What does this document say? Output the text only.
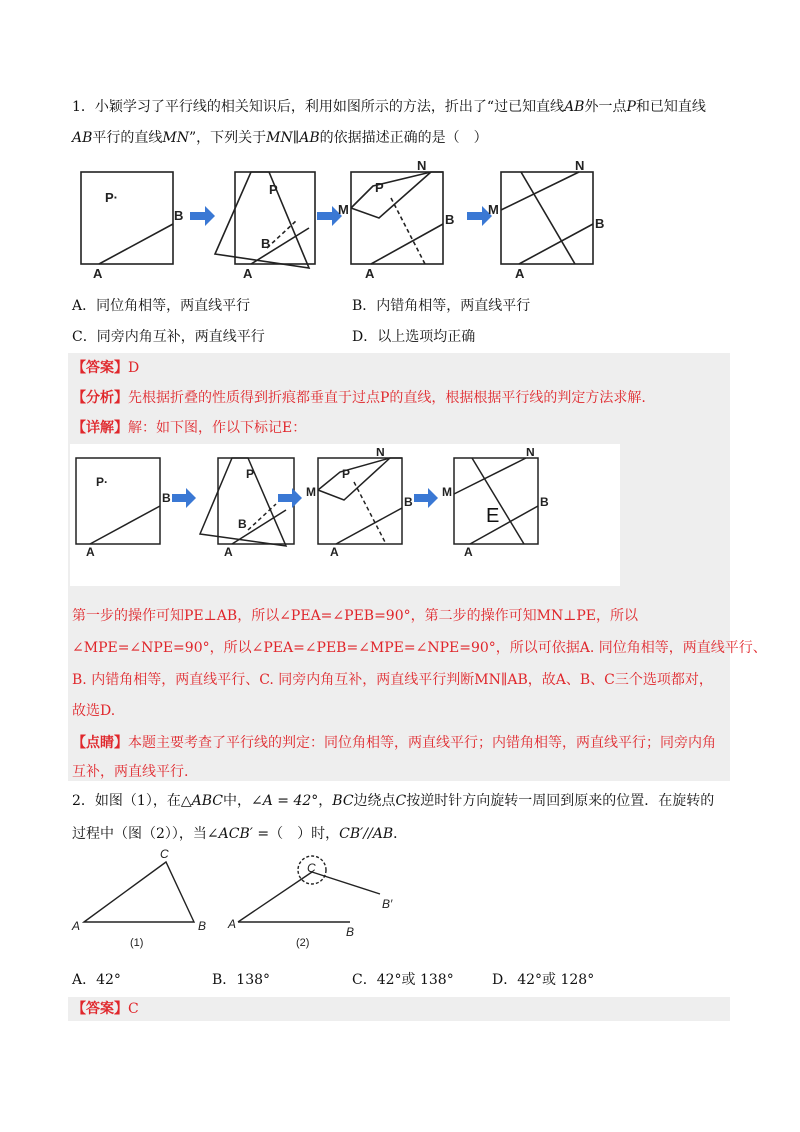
1．小颖学习了平行线的相关知识后，利用如图所示的方法，折出了“过已知直线AB外一点P和已知直线
AB平行的直线MN”，下列关于MN∥AB的依据描述正确的是（　）
P·
B
A
P
B
A
M
P
N
B
A
M
N
B
A
A．同位角相等，两直线平行	B．内错角相等，两直线平行
C．同旁内角互补，两直线平行	D．以上选项均正确
【答案】D
【分析】先根据折叠的性质得到折痕都垂直于过点P的直线，根据根据平行线的判定方法求解.
【详解】解：如下图，作以下标记E：
P·
B
A
P
B
A
M
P
N
B
A
M
N
B
A
E
第一步的操作可知PE⊥AB，所以∠PEA=∠PEB=90°，第二步的操作可知MN⊥PE，所以
∠MPE=∠NPE=90°，所以∠PEA=∠PEB=∠MPE=∠NPE=90°，所以可依据A. 同位角相等，两直线平行、
B. 内错角相等，两直线平行、C. 同旁内角互补，两直线平行判断MN∥AB，故A、B、C三个选项都对，
故选D.
【点睛】本题主要考查了平行线的判定：同位角相等，两直线平行；内错角相等，两直线平行；同旁内角
互补，两直线平行.
2．如图（1），在△ABC中，∠A = 42°，BC边绕点C按逆时针方向旋转一周回到原来的位置．在旋转的
过程中（图（2）），当∠ACB′ =（　）时，CB′//AB．
A
C
B A
C
B′
B
(1)	(2)
A．42°	B．138°	C．42°或 138°	D．42°或 128°
【答案】C
